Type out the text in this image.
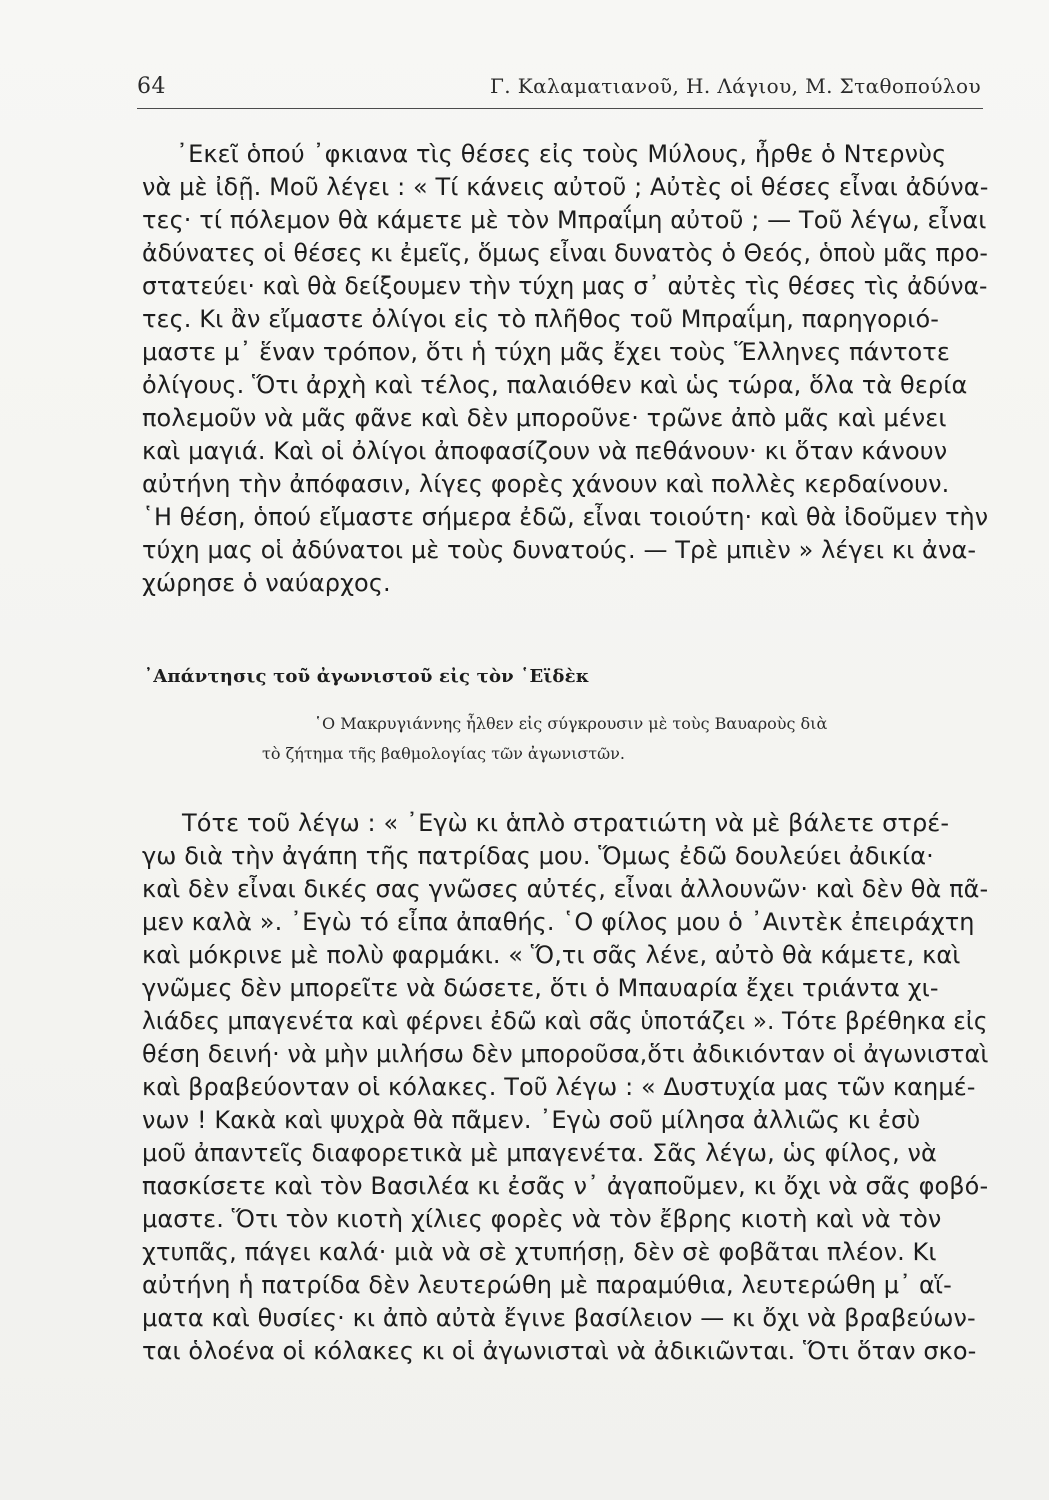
64	Γ. Καλαματιανοῦ, Η. Λάγιου, Μ. Σταθοπούλου
᾿Εκεῖ ὁπού ᾿φκιανα τὶς θέσες εἰς τοὺς Μύλους, ἦρθε ὁ Ντερνὺς
νὰ μὲ ἰδῇ. Μοῦ λέγει : « Τί κάνεις αὐτοῦ ; Αὐτὲς οἱ θέσες εἶναι ἀδύνα-
τες· τί πόλεμον θὰ κάμετε μὲ τὸν Μπραΐμη αὐτοῦ ; — Τοῦ λέγω, εἶναι
ἀδύνατες οἱ θέσες κι ἐμεῖς, ὅμως εἶναι δυνατὸς ὁ Θεός, ὁποὺ μᾶς προ-
στατεύει· καὶ θὰ δείξουμεν τὴν τύχη μας σ᾿ αὐτὲς τὶς θέσες τὶς ἀδύνα-
τες. Κι ἂν εἴμαστε ὀλίγοι εἰς τὸ πλῆθος τοῦ Μπραΐμη, παρηγοριό-
μαστε μ᾿ ἕναν τρόπον, ὅτι ἡ τύχη μᾶς ἔχει τοὺς Ἕλληνες πάντοτε
ὀλίγους. Ὅτι ἀρχὴ καὶ τέλος, παλαιόθεν καὶ ὡς τώρα, ὅλα τὰ θερία
πολεμοῦν νὰ μᾶς φᾶνε καὶ δὲν μποροῦνε· τρῶνε ἀπὸ μᾶς καὶ μένει
καὶ μαγιά. Καὶ οἱ ὀλίγοι ἀποφασίζουν νὰ πεθάνουν· κι ὅταν κάνουν
αὐτήνη τὴν ἀπόφασιν, λίγες φορὲς χάνουν καὶ πολλὲς κερδαίνουν.
῾Η θέση, ὁπού εἴμαστε σήμερα ἐδῶ, εἶναι τοιούτη· καὶ θὰ ἰδοῦμεν τὴν
τύχη μας οἱ ἀδύνατοι μὲ τοὺς δυνατούς. — Τρὲ μπιὲν » λέγει κι ἀνα-
χώρησε ὁ ναύαρχος.
᾿Απάντησις τοῦ ἀγωνιστοῦ εἰς τὸν ῾Εϊδὲκ
῾Ο Μακρυγιάννης ἦλθεν εἰς σύγκρουσιν μὲ τοὺς Βαυαροὺς διὰ
τὸ ζήτημα τῆς βαθμολογίας τῶν ἀγωνιστῶν.
Τότε τοῦ λέγω : « ᾿Εγὼ κι ἁπλὸ στρατιώτη νὰ μὲ βάλετε στρέ-
γω διὰ τὴν ἀγάπη τῆς πατρίδας μου. Ὅμως ἐδῶ δουλεύει ἀδικία·
καὶ δὲν εἶναι δικές σας γνῶσες αὐτές, εἶναι ἀλλουνῶν· καὶ δὲν θὰ πᾶ-
μεν καλὰ ». ᾿Εγὼ τό εἶπα ἀπαθής. ῾Ο φίλος μου ὁ ᾿Αιντὲκ ἐπειράχτη
καὶ μόκρινε μὲ πολὺ φαρμάκι. « Ὅ,τι σᾶς λένε, αὐτὸ θὰ κάμετε, καὶ
γνῶμες δὲν μπορεῖτε νὰ δώσετε, ὅτι ὁ Μπαυαρία ἔχει τριάντα χι-
λιάδες μπαγενέτα καὶ φέρνει ἐδῶ καὶ σᾶς ὑποτάζει ». Τότε βρέθηκα εἰς
θέση δεινή· νὰ μὴν μιλήσω δὲν μποροῦσα,ὅτι ἀδικιόνταν οἱ ἀγωνισταὶ
καὶ βραβεύονταν οἱ κόλακες. Τοῦ λέγω : « Δυστυχία μας τῶν καημέ-
νων ! Κακὰ καὶ ψυχρὰ θὰ πᾶμεν. ᾿Εγὼ σοῦ μίλησα ἀλλιῶς κι ἐσὺ
μοῦ ἀπαντεῖς διαφορετικὰ μὲ μπαγενέτα. Σᾶς λέγω, ὡς φίλος, νὰ
πασκίσετε καὶ τὸν Βασιλέα κι ἐσᾶς ν᾿ ἀγαποῦμεν, κι ὄχι νὰ σᾶς φοβό-
μαστε. Ὅτι τὸν κιοτὴ χίλιες φορὲς νὰ τὸν ἔβρης κιοτὴ καὶ νὰ τὸν
χτυπᾶς, πάγει καλά· μιὰ νὰ σὲ χτυπήσῃ, δὲν σὲ φοβᾶται πλέον. Κι
αὐτήνη ἡ πατρίδα δὲν λευτερώθη μὲ παραμύθια, λευτερώθη μ᾿ αἵ-
ματα καὶ θυσίες· κι ἀπὸ αὐτὰ ἔγινε βασίλειον — κι ὄχι νὰ βραβεύων-
ται ὁλοένα οἱ κόλακες κι οἱ ἀγωνισταὶ νὰ ἀδικιῶνται. Ὅτι ὅταν σκο-
